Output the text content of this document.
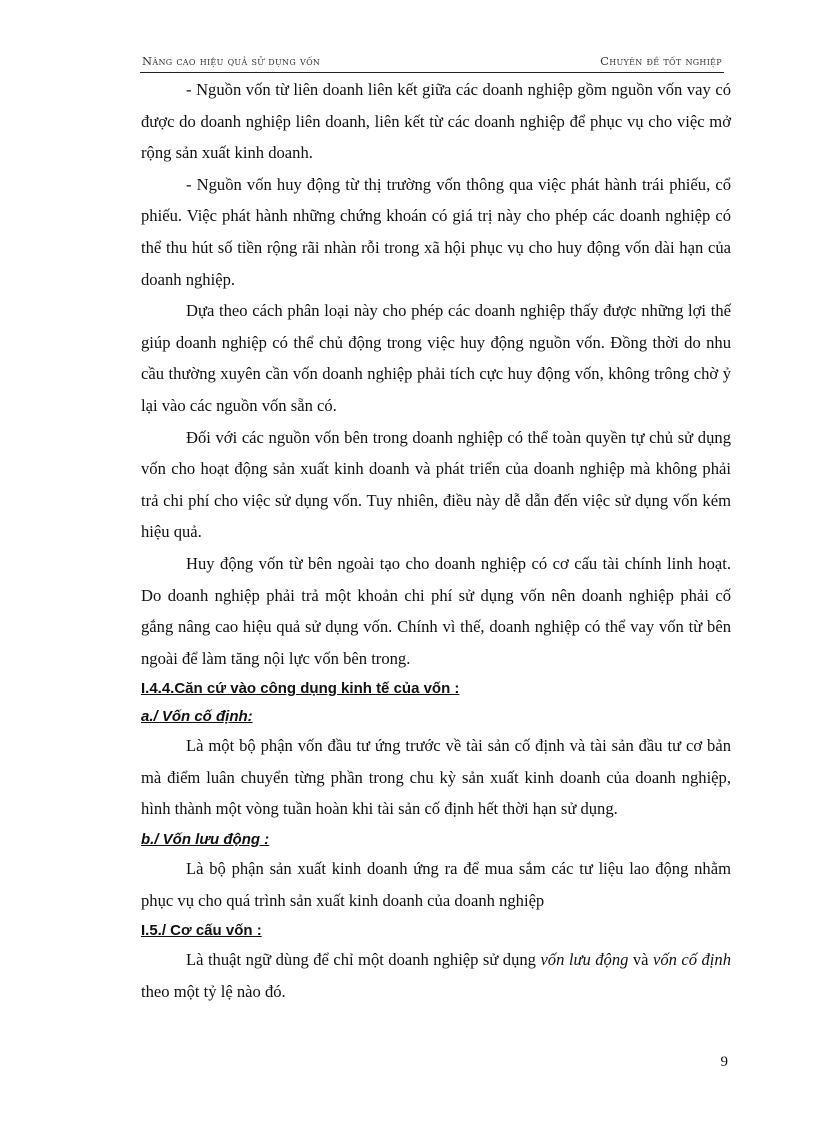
Nâng cao hiệu quả sử dụng vốn	Chuyên đề tốt nghiệp

- Nguồn vốn từ liên doanh liên kết giữa các doanh nghiệp gồm nguồn vốn vay có được do doanh nghiệp liên doanh, liên kết từ các doanh nghiệp để phục vụ cho việc mở rộng sản xuất kinh doanh.

- Nguồn vốn huy động từ thị trường vốn thông qua việc phát hành trái phiếu, cổ phiếu. Việc phát hành những chứng khoán có giá trị này cho phép các doanh nghiệp có thể thu hút số tiền rộng rãi nhàn rỗi trong xã hội phục vụ cho huy động vốn dài hạn của doanh nghiệp.

Dựa theo cách phân loại này cho phép các doanh nghiệp thấy được những lợi thế giúp doanh nghiệp có thể chủ động trong việc huy động nguồn vốn. Đồng thời do nhu cầu thường xuyên cần vốn doanh nghiệp phải tích cực huy động vốn, không trông chờ ỷ lại vào các nguồn vốn sẵn có.

Đối với các nguồn vốn bên trong doanh nghiệp có thể toàn quyền tự chủ sử dụng vốn cho hoạt động sản xuất kinh doanh và phát triển của doanh nghiệp mà không phải trả chi phí cho việc sử dụng vốn. Tuy nhiên, điều này dễ dẫn đến việc sử dụng vốn kém hiệu quả.

Huy động vốn từ bên ngoài tạo cho doanh nghiệp có cơ cấu tài chính linh hoạt. Do doanh nghiệp phải trả một khoản chi phí sử dụng vốn nên doanh nghiệp phải cố gắng nâng cao hiệu quả sử dụng vốn. Chính vì thế, doanh nghiệp có thể vay vốn từ bên ngoài để làm tăng nội lực vốn bên trong.

I.4.4.Căn cứ vào công dụng kinh tế của vốn :
a./ Vốn cố định:

Là một bộ phận vốn đầu tư ứng trước về tài sản cố định và tài sản đầu tư cơ bản mà điểm luân chuyển từng phần trong chu kỳ sản xuất kinh doanh của doanh nghiệp, hình thành một vòng tuần hoàn khi tài sản cố định hết thời hạn sử dụng.

b./ Vốn lưu động :

Là bộ phận sản xuất kinh doanh ứng ra để mua sắm các tư liệu lao động nhằm phục vụ cho quá trình sản xuất kinh doanh của doanh nghiệp

I.5./ Cơ cấu vốn :

Là thuật ngữ dùng để chỉ một doanh nghiệp sử dụng vốn lưu động và vốn cố định theo một tỷ lệ nào đó.

9
